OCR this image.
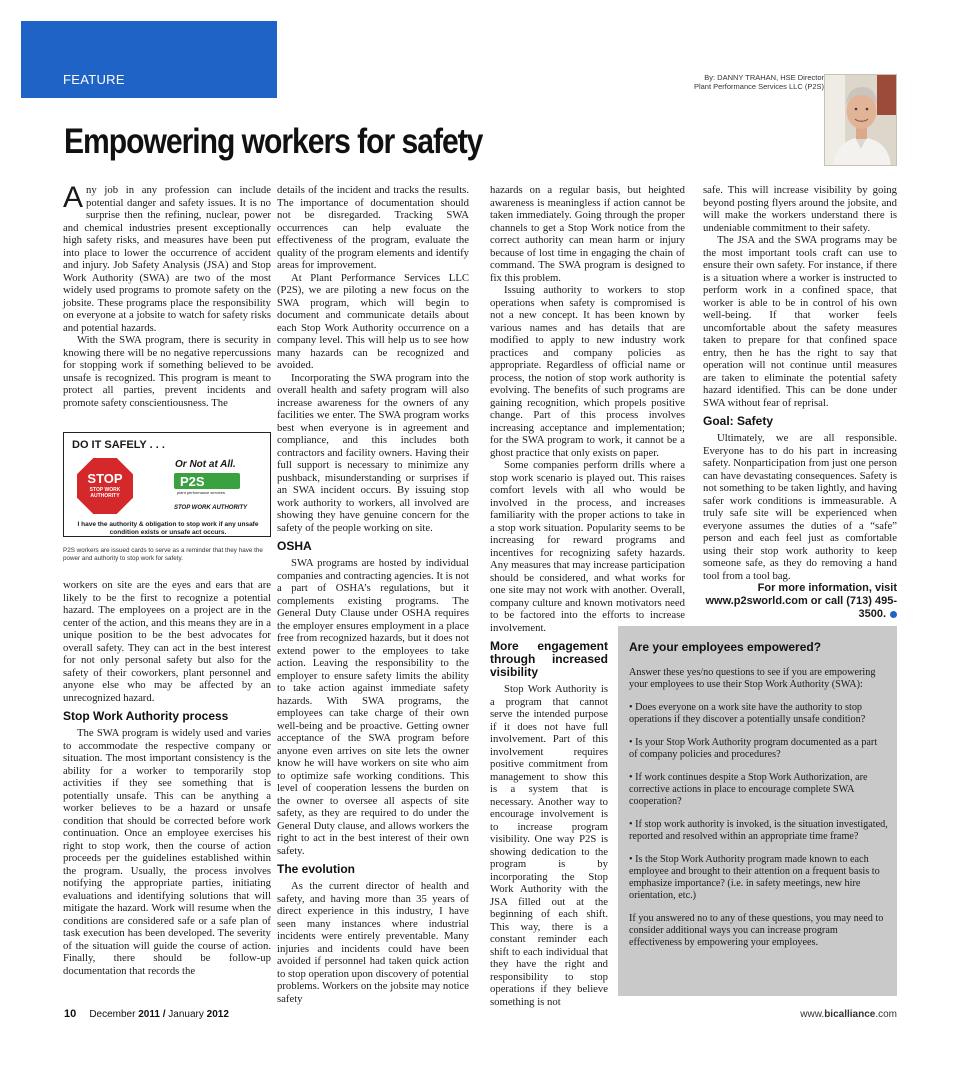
FEATURE	By: DANNY TRAHAN, HSE Director
Plant Performance Services LLC (P2S)
Empowering workers for safety

Any job in any profession can include potential danger and safety issues. It is no surprise then the refining, nuclear, power and chemical industries present exceptionally high safety risks, and measures have been put into place to lower the occurrence of accident and injury. Job Safety Analysis (JSA) and Stop Work Authority (SWA) are two of the most widely used programs to promote safety on the jobsite. These programs place the responsibility on everyone at a jobsite to watch for safety risks and potential hazards.

With the SWA program, there is security in knowing there will be no negative repercussions for stopping work if something believed to be unsafe is recognized. This program is meant to protect all parties, prevent incidents and promote safety conscientiousness. The

DO IT SAFELY . . .
STOP
STOP WORK AUTHORITY
Or Not at All.
P2S
plant performance services
STOP WORK AUTHORITY
I have the authority & obligation to stop work if any unsafe condition exists or unsafe act occurs.
P2S workers are issued cards to serve as a reminder that they have the power and authority to stop work for safety.

workers on site are the eyes and ears that are likely to be the first to recognize a potential hazard. The employees on a project are in the center of the action, and this means they are in a unique position to be the best advocates for overall safety. They can act in the best interest for not only personal safety but also for the safety of their coworkers, plant personnel and anyone else who may be affected by an unrecognized hazard.

Stop Work Authority process

The SWA program is widely used and varies to accommodate the respective company or situation. The most important consistency is the ability for a worker to temporarily stop activities if they see something that is potentially unsafe. This can be anything a worker believes to be a hazard or unsafe condition that should be corrected before work continuation. Once an employee exercises his right to stop work, then the course of action proceeds per the guidelines established within the program. Usually, the process involves notifying the appropriate parties, initiating evaluations and identifying solutions that will mitigate the hazard. Work will resume when the conditions are considered safe or a safe plan of task execution has been developed. The severity of the situation will guide the course of action. Finally, there should be follow-up documentation that records the

details of the incident and tracks the results. The importance of documentation should not be disregarded. Tracking SWA occurrences can help evaluate the effectiveness of the program, evaluate the quality of the program elements and identify areas for improvement.

At Plant Performance Services LLC (P2S), we are piloting a new focus on the SWA program, which will begin to document and communicate details about each Stop Work Authority occurrence on a company level. This will help us to see how many hazards can be recognized and avoided.

Incorporating the SWA program into the overall health and safety program will also increase awareness for the owners of any facilities we enter. The SWA program works best when everyone is in agreement and compliance, and this includes both contractors and facility owners. Having their full support is necessary to minimize any pushback, misunderstanding or surprises if an SWA incident occurs. By issuing stop work authority to workers, all involved are showing they have genuine concern for the safety of the people working on site.

OSHA

SWA programs are hosted by individual companies and contracting agencies. It is not a part of OSHA’s regulations, but it complements existing programs. The General Duty Clause under OSHA requires the employer ensures employment in a place free from recognized hazards, but it does not extend power to the employees to take action. Leaving the responsibility to the employer to ensure safety limits the ability to take action against immediate safety hazards. With SWA programs, the employees can take charge of their own well-being and be proactive. Getting owner acceptance of the SWA program before anyone even arrives on site lets the owner know he will have workers on site who aim to optimize safe working conditions. This level of cooperation lessens the burden on the owner to oversee all aspects of site safety, as they are required to do under the General Duty clause, and allows workers the right to act in the best interest of their own safety.

The evolution

As the current director of health and safety, and having more than 35 years of direct experience in this industry, I have seen many instances where industrial incidents were entirely preventable. Many injuries and incidents could have been avoided if personnel had taken quick action to stop operation upon discovery of potential problems. Workers on the jobsite may notice safety

hazards on a regular basis, but heighted awareness is meaningless if action cannot be taken immediately. Going through the proper channels to get a Stop Work notice from the correct authority can mean harm or injury because of lost time in engaging the chain of command. The SWA program is designed to fix this problem.

Issuing authority to workers to stop operations when safety is compromised is not a new concept. It has been known by various names and has details that are modified to apply to new industry work practices and company policies as appropriate. Regardless of official name or process, the notion of stop work authority is evolving. The benefits of such programs are gaining recognition, which propels positive change. Part of this process involves increasing acceptance and implementation; for the SWA program to work, it cannot be a ghost practice that only exists on paper.

Some companies perform drills where a stop work scenario is played out. This raises comfort levels with all who would be involved in the process, and increases familiarity with the proper actions to take in a stop work situation. Popularity seems to be increasing for reward programs and incentives for recognizing safety hazards. Any measures that may increase participation should be considered, and what works for one site may not work with another. Overall, company culture and known motivators need to be factored into the efforts to increase involvement.

More engagement through increased visibility

Stop Work Authority is a program that cannot serve the intended purpose if it does not have full involvement. Part of this involvement requires positive commitment from management to show this is a system that is necessary. Another way to encourage involvement is to increase program visibility. One way P2S is showing dedication to the program is by incorporating the Stop Work Authority with the JSA filled out at the beginning of each shift. This way, there is a constant reminder each shift to each individual that they have the right and responsibility to stop operations if they believe something is not

safe. This will increase visibility by going beyond posting flyers around the jobsite, and will make the workers understand there is undeniable commitment to their safety.

The JSA and the SWA programs may be the most important tools craft can use to ensure their own safety. For instance, if there is a situation where a worker is instructed to perform work in a confined space, that worker is able to be in control of his own well-being. If that worker feels uncomfortable about the safety measures taken to prepare for that confined space entry, then he has the right to say that operation will not continue until measures are taken to eliminate the potential safety hazard identified. This can be done under SWA without fear of reprisal.

Goal: Safety

Ultimately, we are all responsible. Everyone has to do his part in increasing safety. Nonparticipation from just one person can have devastating consequences. Safety is not something to be taken lightly, and having safer work conditions is immeasurable. A truly safe site will be experienced when everyone assumes the duties of a “safe” person and each feel just as comfortable using their stop work authority to keep someone safe, as they do removing a hand tool from a tool bag.

For more information, visit www.p2sworld.com or call (713) 495-3500.
Are your employees empowered?

Answer these yes/no questions to see if you are empowering your employees to use their Stop Work Authority (SWA):

• Does everyone on a work site have the authority to stop operations if they discover a potentially unsafe condition?

• Is your Stop Work Authority program documented as a part of company policies and procedures?

• If work continues despite a Stop Work Authorization, are corrective actions in place to encourage complete SWA cooperation?

• If stop work authority is invoked, is the situation investigated, reported and resolved within an appropriate time frame?

• Is the Stop Work Authority program made known to each employee and brought to their attention on a frequent basis to emphasize importance? (i.e. in safety meetings, new hire orientation, etc.)

If you answered no to any of these questions, you may need to consider additional ways you can increase program effectiveness by empowering your employees.

10 December 2011 / January 2012	www.bicalliance.com
